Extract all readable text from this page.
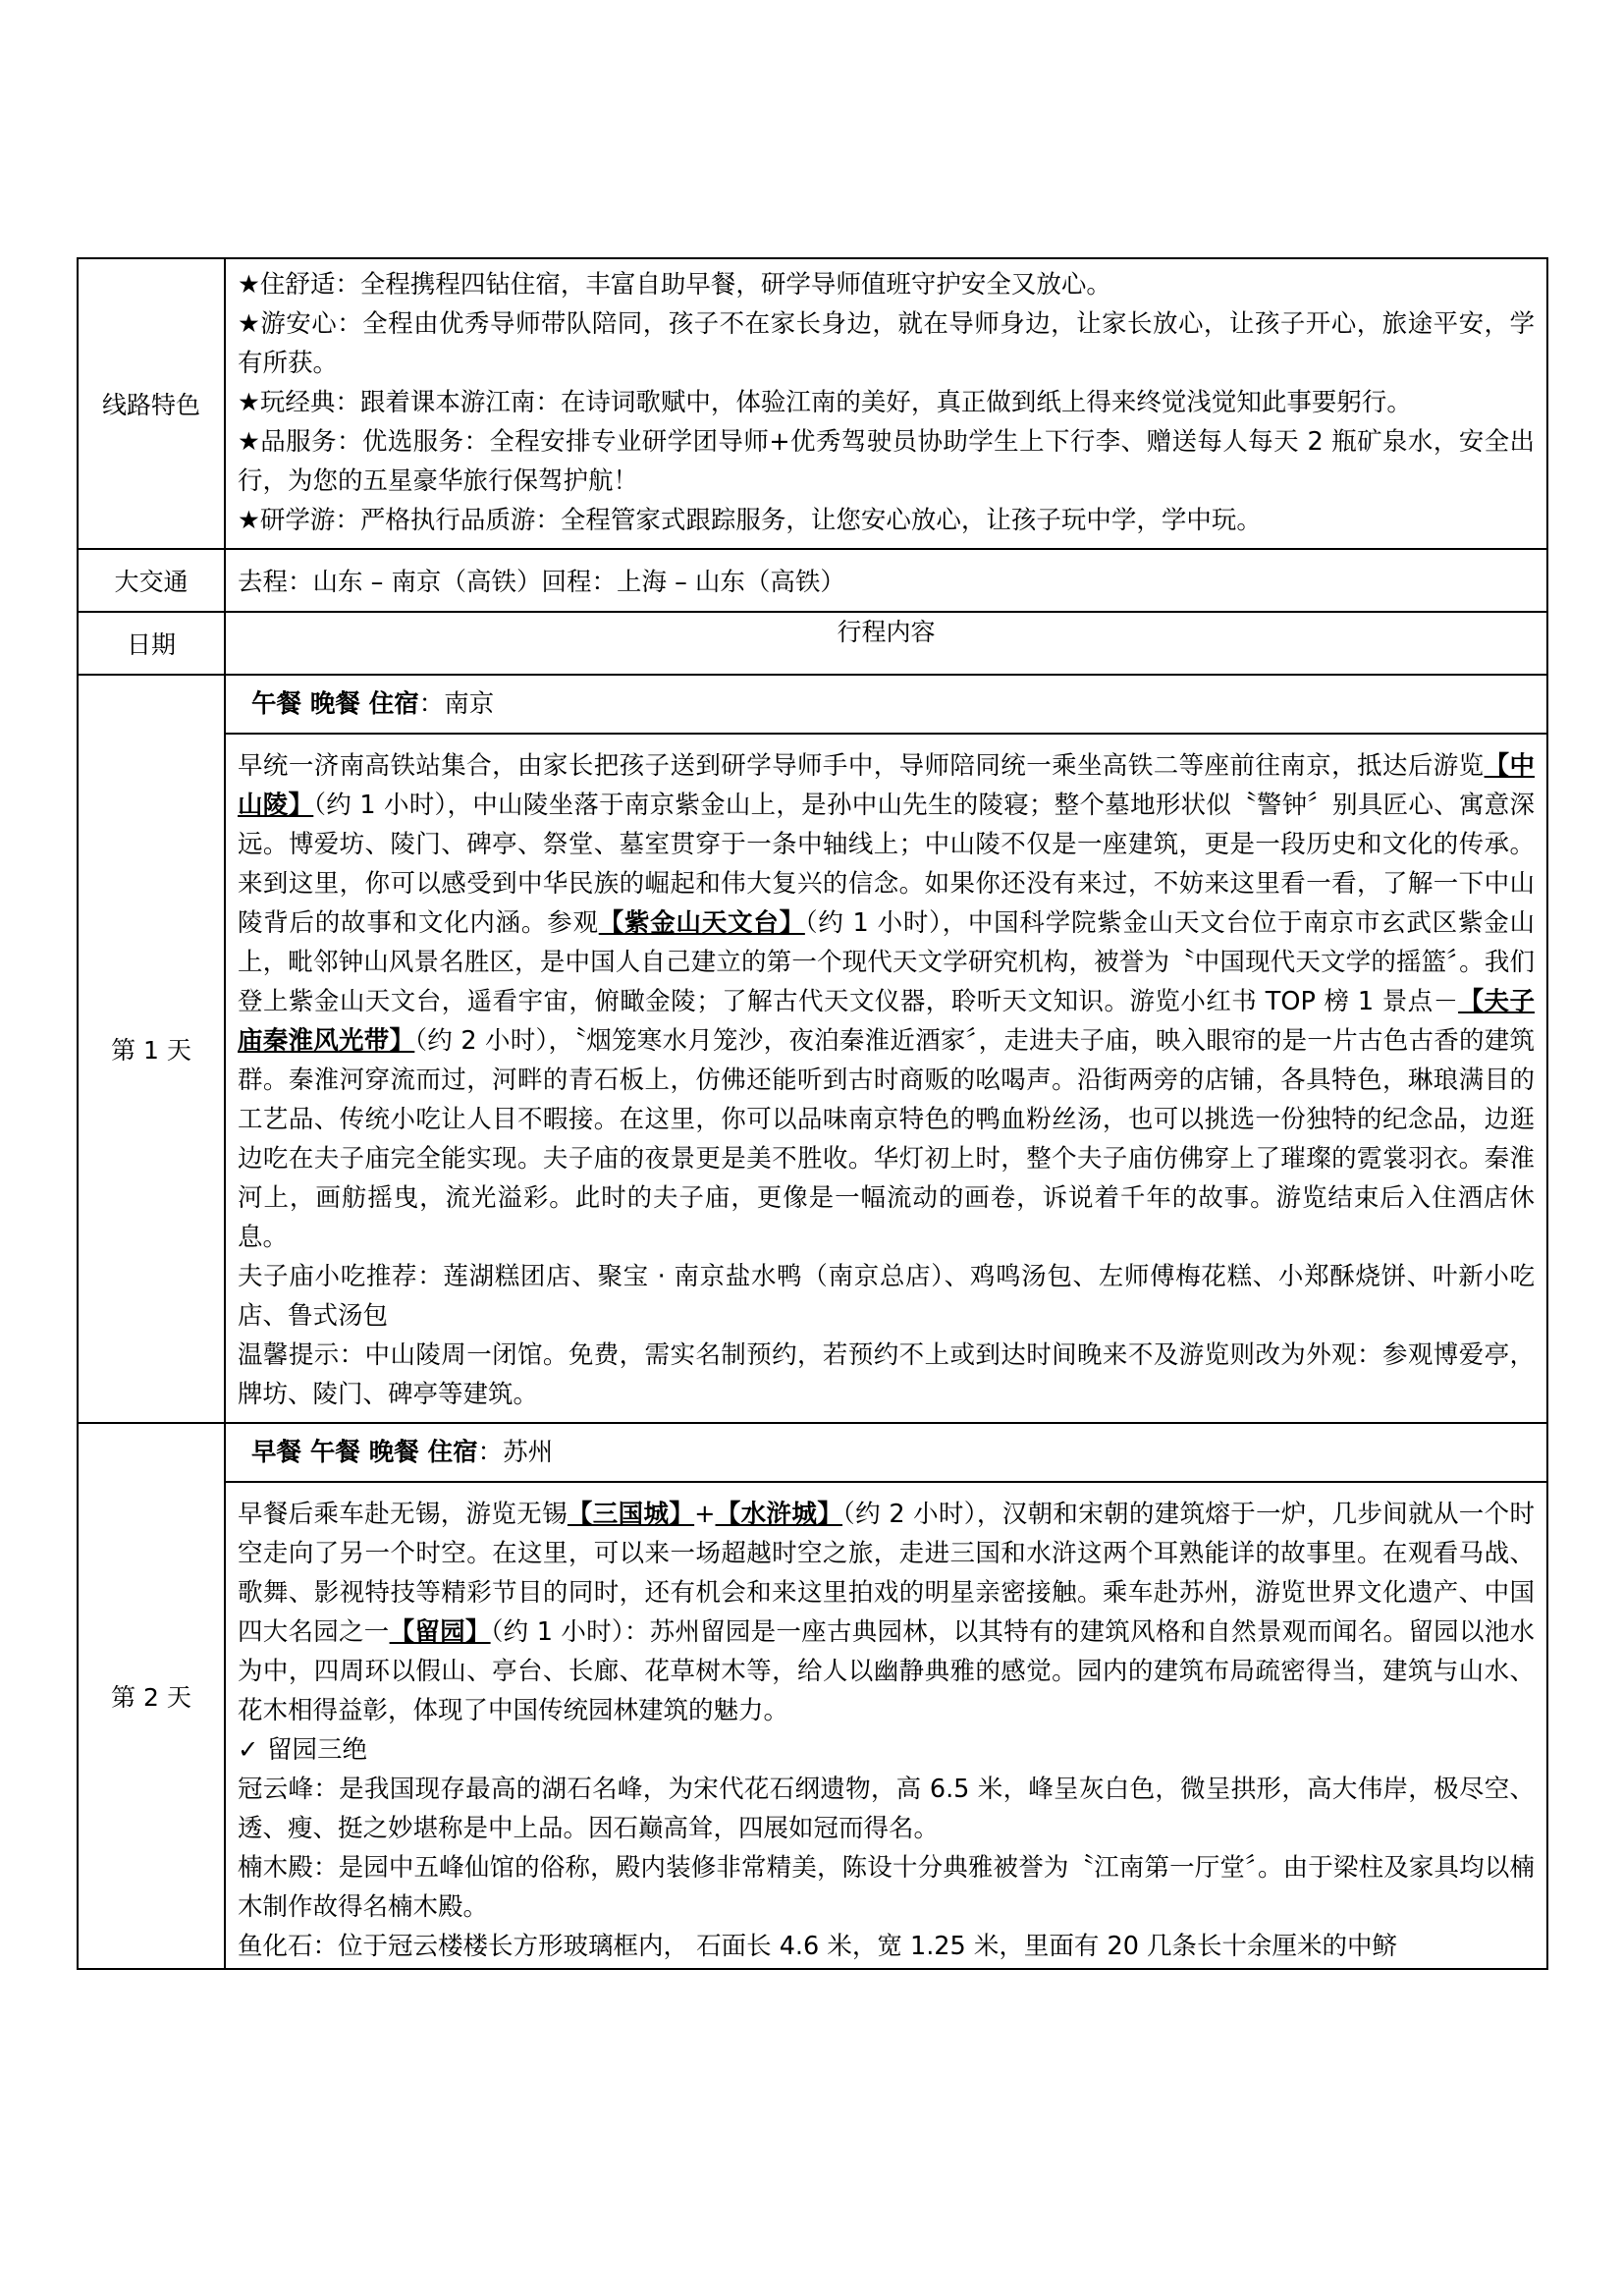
线路特色	★住舒适：全程携程四钻住宿，丰富自助早餐，研学导师值班守护安全又放心。
★游安心：全程由优秀导师带队陪同，孩子不在家长身边，就在导师身边，让家长放心，让孩子开心，旅途平安，学有所获。
★玩经典：跟着课本游江南：在诗词歌赋中，体验江南的美好，真正做到纸上得来终觉浅觉知此事要躬行。
★品服务：优选服务：全程安排专业研学团导师+优秀驾驶员协助学生上下行李、赠送每人每天 2 瓶矿泉水，安全出行，为您的五星豪华旅行保驾护航！
★研学游：严格执行品质游：全程管家式跟踪服务，让您安心放心，让孩子玩中学，学中玩。

大交通	去程：山东 – 南京（高铁）回程：上海 – 山东（高铁）
日期	行程内容
第 1 天	午餐 晚餐 住宿：南京

	早统一济南高铁站集合，由家长把孩子送到研学导师手中，导师陪同统一乘坐高铁二等座前往南京，抵达后游览【中山陵】（约 1 小时），中山陵坐落于南京紫金山上，是孙中山先生的陵寝；整个墓地形状似〝警钟〞别具匠心、寓意深远。博爱坊、陵门、碑亭、祭堂、墓室贯穿于一条中轴线上；中山陵不仅是一座建筑，更是一段历史和文化的传承。来到这里，你可以感受到中华民族的崛起和伟大复兴的信念。如果你还没有来过，不妨来这里看一看，了解一下中山陵背后的故事和文化内涵。参观【紫金山天文台】（约 1 小时），中国科学院紫金山天文台位于南京市玄武区紫金山上，毗邻钟山风景名胜区，是中国人自己建立的第一个现代天文学研究机构，被誉为〝中国现代天文学的摇篮〞。我们登上紫金山天文台，遥看宇宙，俯瞰金陵；了解古代天文仪器，聆听天文知识。游览小红书 TOP 榜 1 景点－【夫子庙秦淮风光带】（约 2 小时），〝烟笼寒水月笼沙，夜泊秦淮近酒家〞，走进夫子庙，映入眼帘的是一片古色古香的建筑群。秦淮河穿流而过，河畔的青石板上，仿佛还能听到古时商贩的吆喝声。沿街两旁的店铺，各具特色，琳琅满目的工艺品、传统小吃让人目不暇接。在这里，你可以品味南京特色的鸭血粉丝汤，也可以挑选一份独特的纪念品，边逛边吃在夫子庙完全能实现。夫子庙的夜景更是美不胜收。华灯初上时，整个夫子庙仿佛穿上了璀璨的霓裳羽衣。秦淮河上，画舫摇曳，流光溢彩。此时的夫子庙，更像是一幅流动的画卷，诉说着千年的故事。游览结束后入住酒店休息。
夫子庙小吃推荐：莲湖糕团店、聚宝 · 南京盐水鸭（南京总店）、鸡鸣汤包、左师傅梅花糕、小郑酥烧饼、叶新小吃店、鲁式汤包
温馨提示：中山陵周一闭馆。免费，需实名制预约，若预约不上或到达时间晚来不及游览则改为外观：参观博爱亭，牌坊、陵门、碑亭等建筑。

第 2 天	早餐 午餐 晚餐 住宿：苏州

	早餐后乘车赴无锡，游览无锡【三国城】+【水浒城】（约 2 小时），汉朝和宋朝的建筑熔于一炉，几步间就从一个时空走向了另一个时空。在这里，可以来一场超越时空之旅，走进三国和水浒这两个耳熟能详的故事里。在观看马战、歌舞、影视特技等精彩节目的同时，还有机会和来这里拍戏的明星亲密接触。乘车赴苏州，游览世界文化遗产、中国四大名园之一【留园】（约 1 小时）：苏州留园是一座古典园林，以其特有的建筑风格和自然景观而闻名。留园以池水为中，四周环以假山、亭台、长廊、花草树木等，给人以幽静典雅的感觉。园内的建筑布局疏密得当，建筑与山水、花木相得益彰，体现了中国传统园林建筑的魅力。
✓ 留园三绝
冠云峰：是我国现存最高的湖石名峰，为宋代花石纲遗物，高 6.5 米，峰呈灰白色，微呈拱形，高大伟岸，极尽空、透、瘦、挺之妙堪称是中上品。因石巅高耸，四展如冠而得名。
楠木殿：是园中五峰仙馆的俗称，殿内装修非常精美，陈设十分典雅被誉为〝江南第一厅堂〞。由于梁柱及家具均以楠木制作故得名楠木殿。
鱼化石：位于冠云楼楼长方形玻璃框内， 石面长 4.6 米，宽 1.25 米，里面有 20 几条长十余厘米的中鲚
